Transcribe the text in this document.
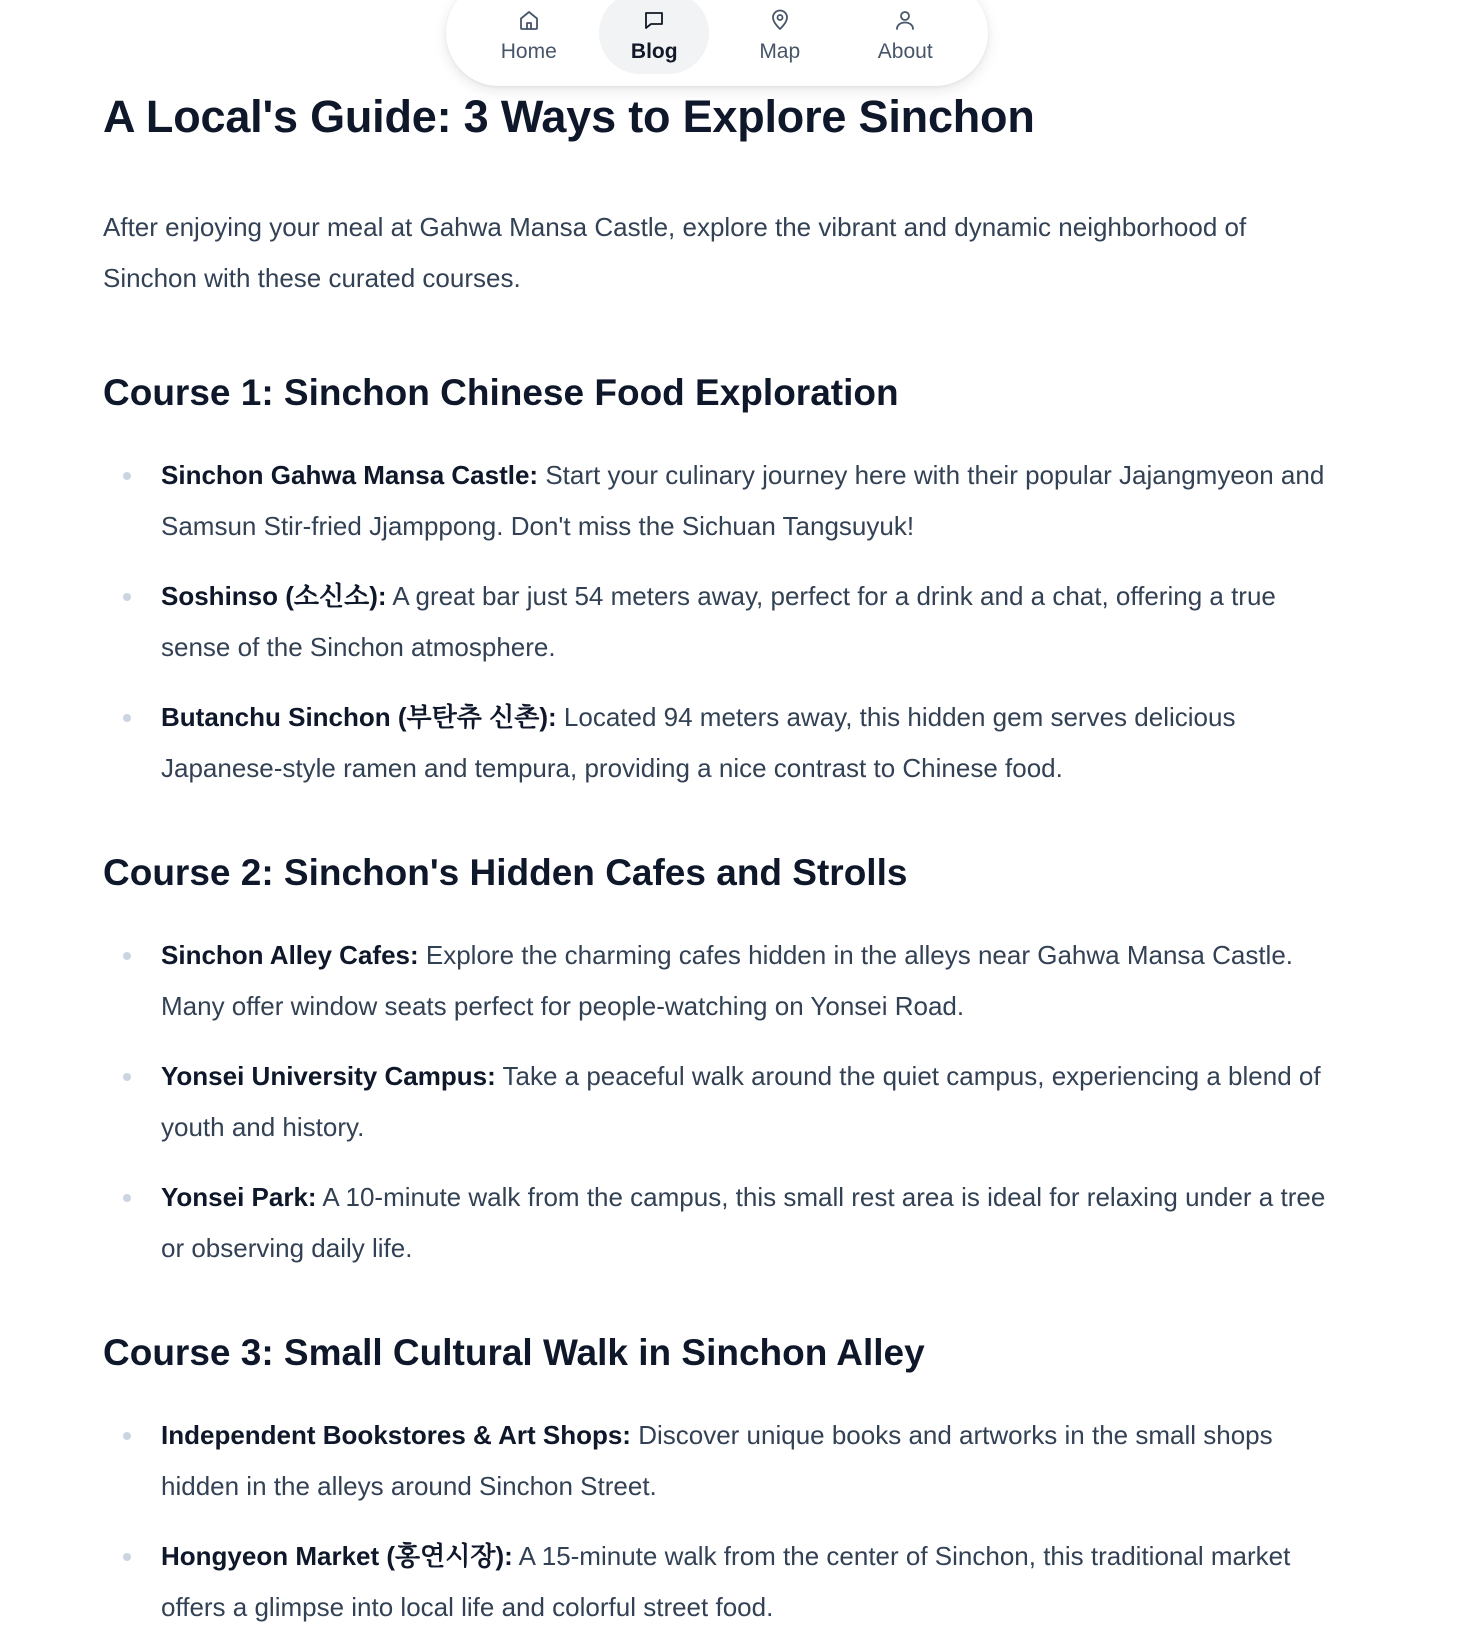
Home	Blog	Map	About
A Local's Guide: 3 Ways to Explore Sinchon

After enjoying your meal at Gahwa Mansa Castle, explore the vibrant and dynamic neighborhood of Sinchon with these curated courses.

Course 1: Sinchon Chinese Food Exploration
Sinchon Gahwa Mansa Castle: Start your culinary journey here with their popular Jajangmyeon and Samsun Stir-fried Jjamppong. Don't miss the Sichuan Tangsuyuk!
Soshinso (소신소): A great bar just 54 meters away, perfect for a drink and a chat, offering a true sense of the Sinchon atmosphere.
Butanchu Sinchon (부탄츄 신촌): Located 94 meters away, this hidden gem serves delicious Japanese-style ramen and tempura, providing a nice contrast to Chinese food.
Course 2: Sinchon's Hidden Cafes and Strolls
Sinchon Alley Cafes: Explore the charming cafes hidden in the alleys near Gahwa Mansa Castle. Many offer window seats perfect for people-watching on Yonsei Road.
Yonsei University Campus: Take a peaceful walk around the quiet campus, experiencing a blend of youth and history.
Yonsei Park: A 10-minute walk from the campus, this small rest area is ideal for relaxing under a tree or observing daily life.
Course 3: Small Cultural Walk in Sinchon Alley
Independent Bookstores & Art Shops: Discover unique books and artworks in the small shops hidden in the alleys around Sinchon Street.
Hongyeon Market (홍연시장): A 15-minute walk from the center of Sinchon, this traditional market offers a glimpse into local life and colorful street food.
